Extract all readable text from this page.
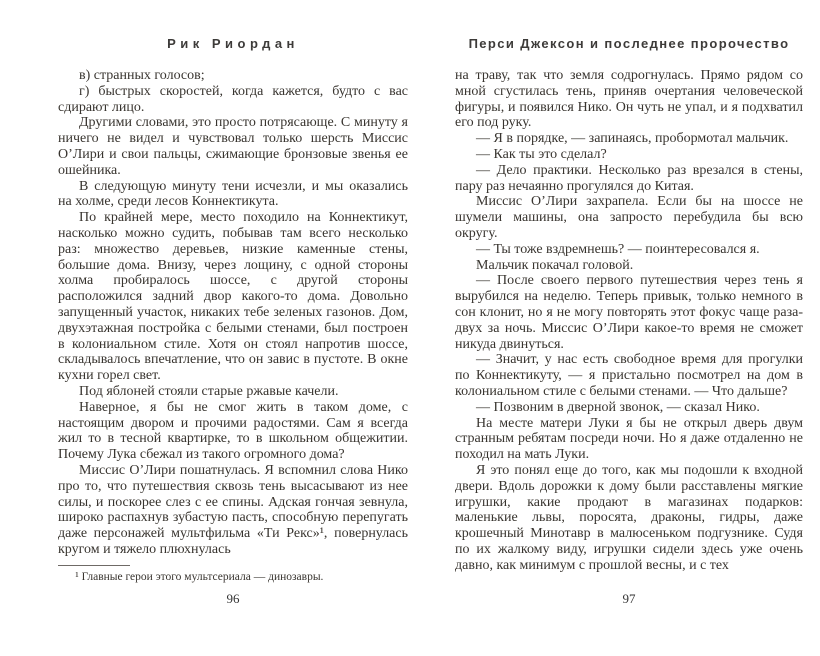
Рик Риордан

в) странных голосов;

г) быстрых скоростей, когда кажется, будто с вас сдирают лицо.

Другими словами, это просто потрясающе. С минуту я ничего не видел и чувствовал только шерсть Миссис О’Лири и свои пальцы, сжимающие бронзовые звенья ее ошейника.

В следующую минуту тени исчезли, и мы оказались на холме, среди лесов Коннектикута.

По крайней мере, место походило на Коннектикут, насколько можно судить, побывав там всего несколько раз: множество деревьев, низкие каменные стены, большие дома. Внизу, через лощину, с одной стороны холма пробиралось шоссе, с другой стороны расположился задний двор какого-то дома. Довольно запущенный участок, никаких тебе зеленых газонов. Дом, двухэтажная постройка с белыми стенами, был построен в колониальном стиле. Хотя он стоял напротив шоссе, складывалось впечатление, что он завис в пустоте. В окне кухни горел свет.

Под яблоней стояли старые ржавые качели.

Наверное, я бы не смог жить в таком доме, с настоящим двором и прочими радостями. Сам я всегда жил то в тесной квартирке, то в школьном общежитии. Почему Лука сбежал из такого огромного дома?

Миссис О’Лири пошатнулась. Я вспомнил слова Нико про то, что путешествия сквозь тень высасывают из нее силы, и поскорее слез с ее спины. Адская гончая зевнула, широко распахнув зубастую пасть, способную перепугать даже персонажей мультфильма «Ти Рекс»¹, повернулась кругом и тяжело плюхнулась

¹ Главные герои этого мультсериала — динозавры.
Перси Джексон и последнее пророчество

на траву, так что земля содрогнулась. Прямо рядом со мной сгустилась тень, приняв очертания человеческой фигуры, и появился Нико. Он чуть не упал, и я подхватил его под руку.

— Я в порядке, — запинаясь, пробормотал мальчик.

— Как ты это сделал?

— Дело практики. Несколько раз врезался в стены, пару раз нечаянно прогулялся до Китая.

Миссис О’Лири захрапела. Если бы на шоссе не шумели машины, она запросто перебудила бы всю округу.

— Ты тоже вздремнешь? — поинтересовался я.

Мальчик покачал головой.

— После своего первого путешествия через тень я вырубился на неделю. Теперь привык, только немного в сон клонит, но я не могу повторять этот фокус чаще раза-двух за ночь. Миссис О’Лири какое-то время не сможет никуда двинуться.

— Значит, у нас есть свободное время для прогулки по Коннектикуту, — я пристально посмотрел на дом в колониальном стиле с белыми стенами. — Что дальше?

— Позвоним в дверной звонок, — сказал Нико.

На месте матери Луки я бы не открыл дверь двум странным ребятам посреди ночи. Но я даже отдаленно не походил на мать Луки.

Я это понял еще до того, как мы подошли к входной двери. Вдоль дорожки к дому были расставлены мягкие игрушки, какие продают в магазинах подарков: маленькие львы, поросята, драконы, гидры, даже крошечный Минотавр в малюсеньком подгузнике. Судя по их жалкому виду, игрушки сидели здесь уже очень давно, как минимум с прошлой весны, и с тех

96	97
